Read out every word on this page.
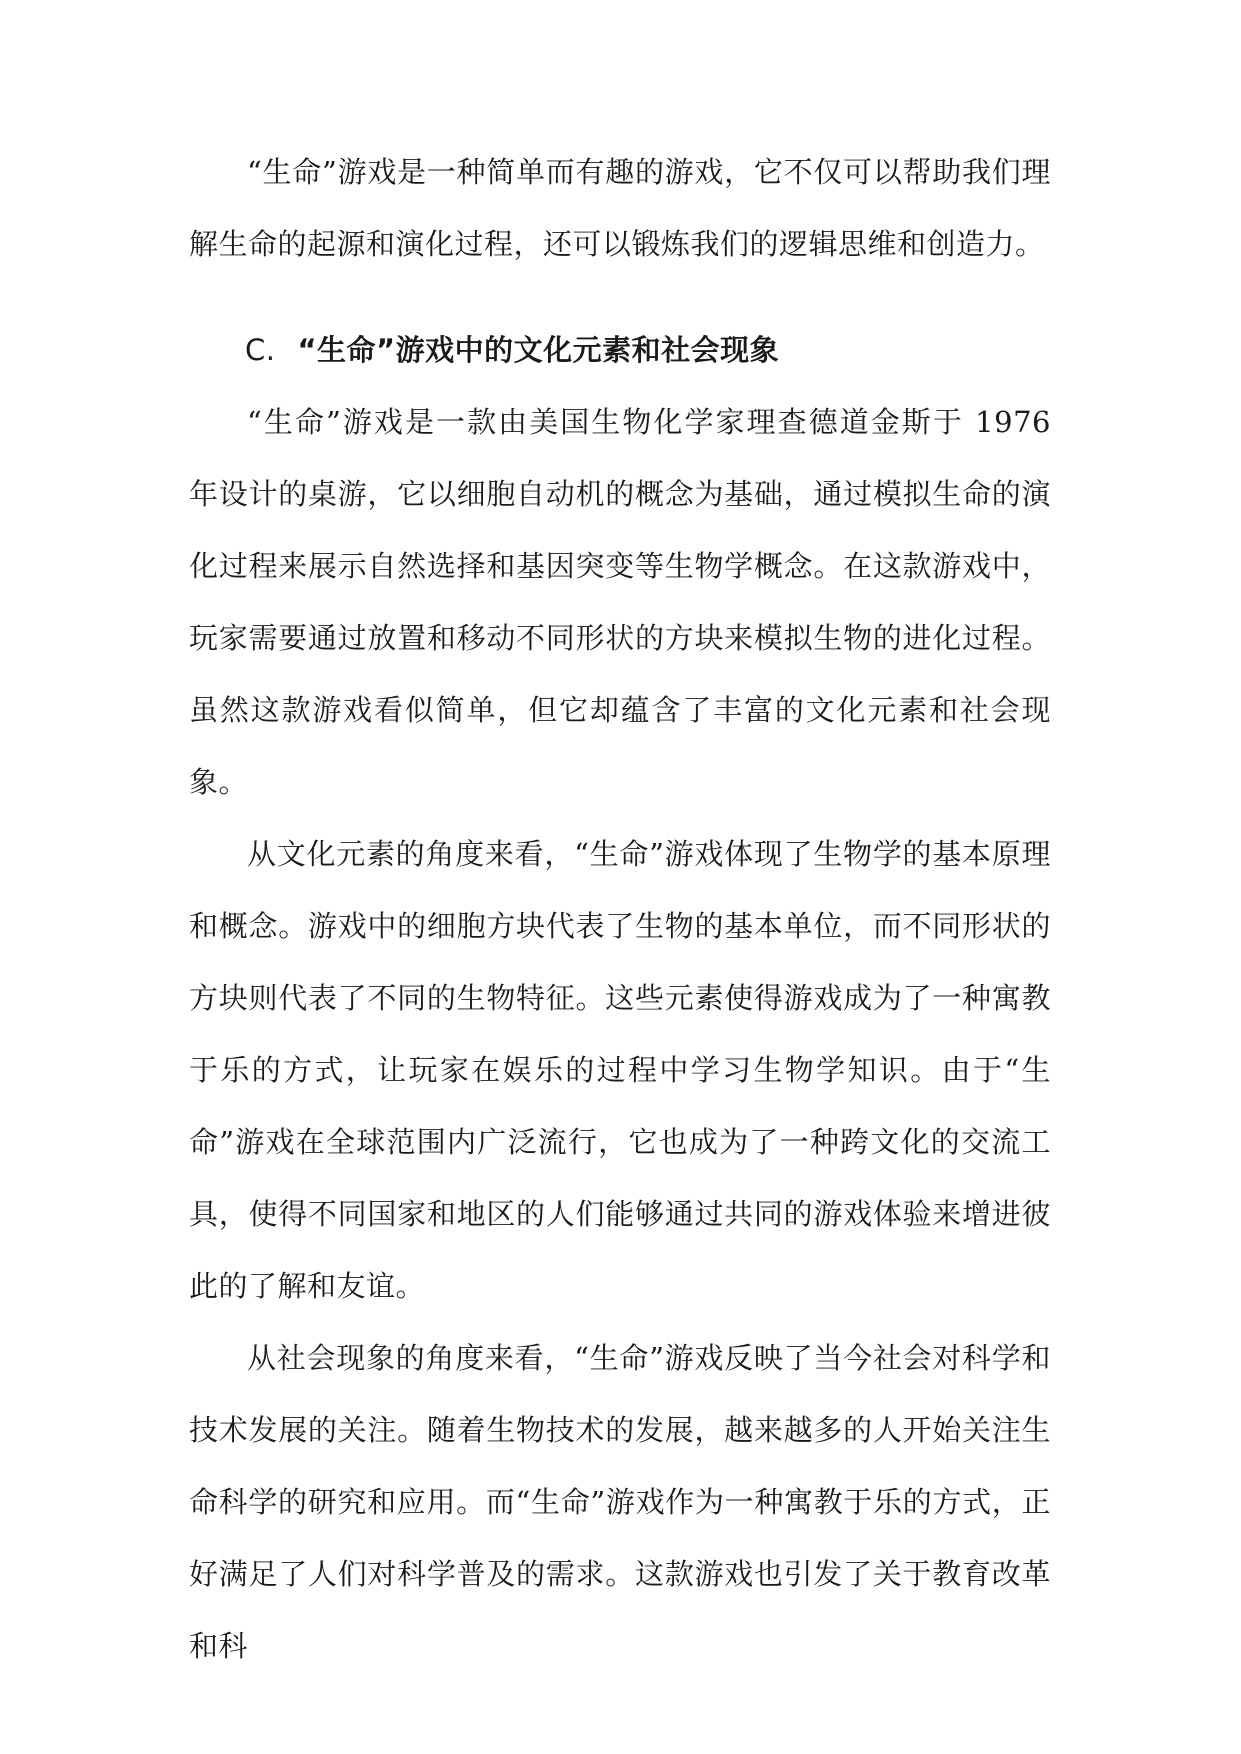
“生命”游戏是一种简单而有趣的游戏，它不仅可以帮助我们理解生命的起源和演化过程，还可以锻炼我们的逻辑思维和创造力。

C. “生命”游戏中的文化元素和社会现象

“生命”游戏是一款由美国生物化学家理查德道金斯于 1976 年设计的桌游，它以细胞自动机的概念为基础，通过模拟生命的演化过程来展示自然选择和基因突变等生物学概念。在这款游戏中，玩家需要通过放置和移动不同形状的方块来模拟生物的进化过程。虽然这款游戏看似简单，但它却蕴含了丰富的文化元素和社会现象。

从文化元素的角度来看，“生命”游戏体现了生物学的基本原理和概念。游戏中的细胞方块代表了生物的基本单位，而不同形状的方块则代表了不同的生物特征。这些元素使得游戏成为了一种寓教于乐的方式，让玩家在娱乐的过程中学习生物学知识。由于“生命”游戏在全球范围内广泛流行，它也成为了一种跨文化的交流工具，使得不同国家和地区的人们能够通过共同的游戏体验来增进彼此的了解和友谊。

从社会现象的角度来看，“生命”游戏反映了当今社会对科学和技术发展的关注。随着生物技术的发展，越来越多的人开始关注生命科学的研究和应用。而“生命”游戏作为一种寓教于乐的方式，正好满足了人们对科学普及的需求。这款游戏也引发了关于教育改革和科
